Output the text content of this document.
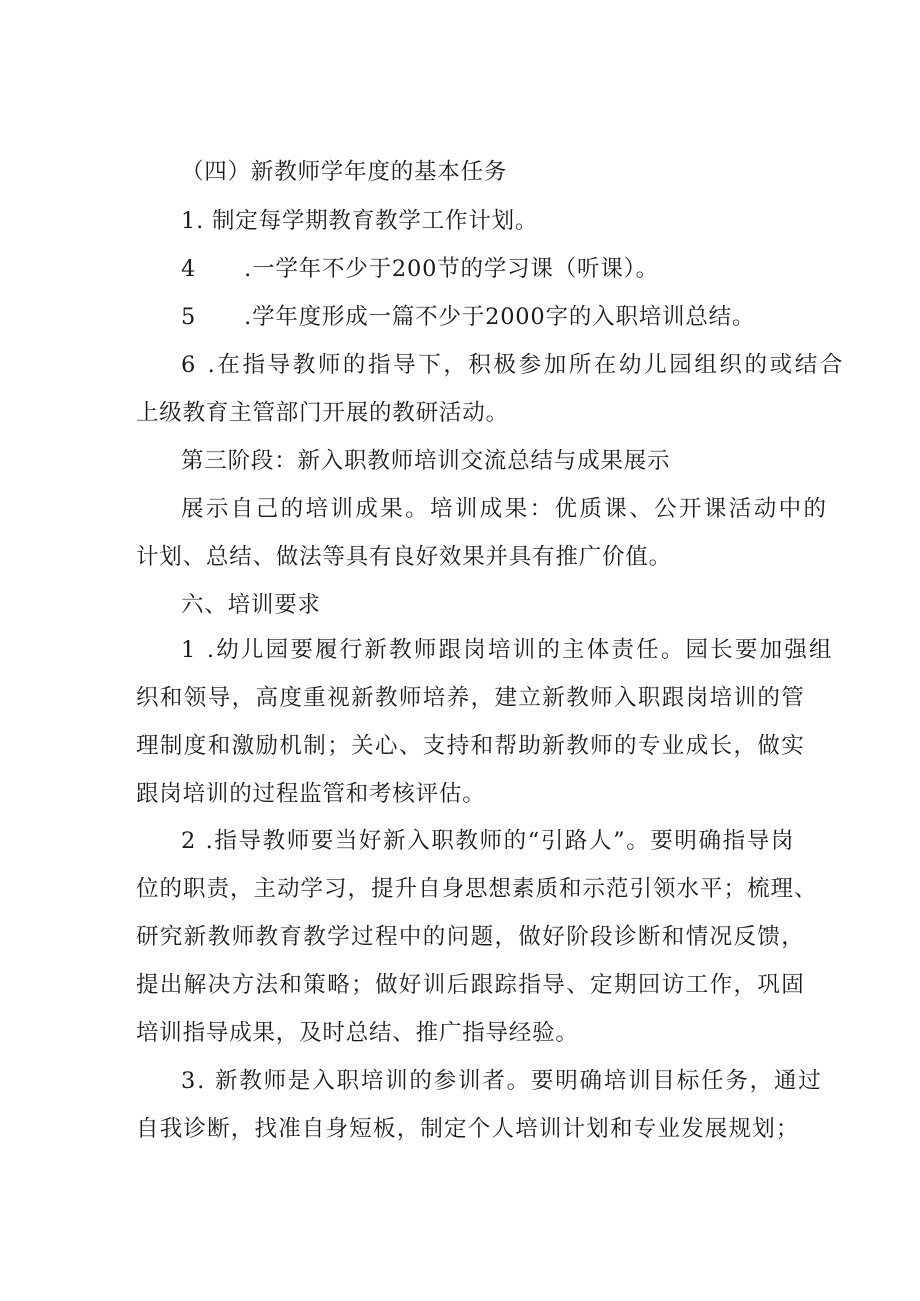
（四）新教师学年度的基本任务
1. 制定每学期教育教学工作计划。
4 .一学年不少于200节的学习课（听课）。
5 .学年度形成一篇不少于2000字的入职培训总结。
6 .在指导教师的指导下，积极参加所在幼儿园组织的或结合
上级教育主管部门开展的教研活动。
第三阶段：新入职教师培训交流总结与成果展示
展示自己的培训成果。培训成果：优质课、公开课活动中的
计划、总结、做法等具有良好效果并具有推广价值。
六、培训要求
1 .幼儿园要履行新教师跟岗培训的主体责任。园长要加强组
织和领导，高度重视新教师培养，建立新教师入职跟岗培训的管
理制度和激励机制；关心、支持和帮助新教师的专业成长，做实
跟岗培训的过程监管和考核评估。
2 .指导教师要当好新入职教师的“引路人”。要明确指导岗
位的职责，主动学习，提升自身思想素质和示范引领水平；梳理、
研究新教师教育教学过程中的问题，做好阶段诊断和情况反馈，
提出解决方法和策略；做好训后跟踪指导、定期回访工作，巩固
培训指导成果，及时总结、推广指导经验。
3. 新教师是入职培训的参训者。要明确培训目标任务，通过
自我诊断，找准自身短板，制定个人培训计划和专业发展规划；
